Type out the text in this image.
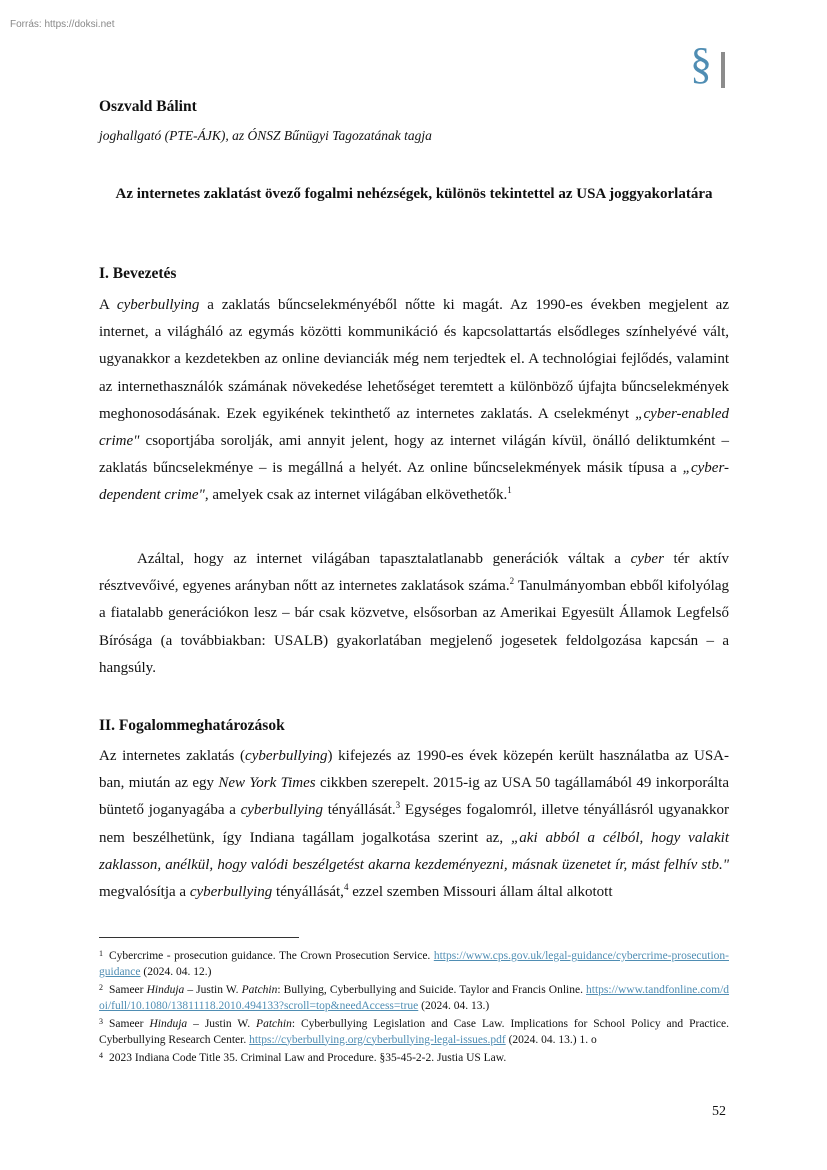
Forrás: https://doksi.net
§
Oszvald Bálint
joghallgató (PTE-ÁJK), az ÓNSZ Bűnügyi Tagozatának tagja
Az internetes zaklatást övező fogalmi nehézségek, különös tekintettel az USA joggyakorlatára
I. Bevezetés

A cyberbullying a zaklatás bűncselekményéből nőtte ki magát. Az 1990-es években megjelent az internet, a világháló az egymás közötti kommunikáció és kapcsolattartás elsődleges színhelyévé vált, ugyanakkor a kezdetekben az online devianciák még nem terjedtek el. A technológiai fejlődés, valamint az internethasználók számának növekedése lehetőséget teremtett a különböző újfajta bűncselekmények meghonosodásának. Ezek egyikének tekinthető az internetes zaklatás. A cselekményt „cyber-enabled crime" csoportjába sorolják, ami annyit jelent, hogy az internet világán kívül, önálló deliktumként – zaklatás bűncselekménye – is megállná a helyét. Az online bűncselekmények másik típusa a „cyber-dependent crime", amelyek csak az internet világában elkövethetők.$^1$

Azáltal, hogy az internet világában tapasztalatlanabb generációk váltak a cyber tér aktív résztvevőivé, egyenes arányban nőtt az internetes zaklatások száma.$^2$ Tanulmányomban ebből kifolyólag a fiatalabb generációkon lesz – bár csak közvetve, elsősorban az Amerikai Egyesült Államok Legfelső Bírósága (a továbbiakban: USALB) gyakorlatában megjelenő jogesetek feldolgozása kapcsán – a hangsúly.

II. Fogalommeghatározások

Az internetes zaklatás (cyberbullying) kifejezés az 1990-es évek közepén került használatba az USA-ban, miután az egy New York Times cikkben szerepelt. 2015-ig az USA 50 tagállamából 49 inkorporálta büntető joganyagába a cyberbullying tényállását.$^3$ Egységes fogalomról, illetve tényállásról ugyanakkor nem beszélhetünk, így Indiana tagállam jogalkotása szerint az, „aki abból a célból, hogy valakit zaklasson, anélkül, hogy valódi beszélgetést akarna kezdeményezni, másnak üzenetet ír, mást felhív stb." megvalósítja a cyberbullying tényállását,$^4$ ezzel szemben Missouri állam által alkotott

$^1$ Cybercrime - prosecution guidance. The Crown Prosecution Service. https://www.cps.gov.uk/legal-guidance/cybercrime-prosecution-guidance (2024. 04. 12.)

$^2$ Sameer Hinduja – Justin W. Patchin: Bullying, Cyberbullying and Suicide. Taylor and Francis Online. https://www.tandfonline.com/doi/full/10.1080/13811118.2010.494133?scroll=top&needAccess=true (2024. 04. 13.)

$^3$ Sameer Hinduja – Justin W. Patchin: Cyberbullying Legislation and Case Law. Implications for School Policy and Practice. Cyberbullying Research Center. https://cyberbullying.org/cyberbullying-legal-issues.pdf (2024. 04. 13.) 1. o

$^4$ 2023 Indiana Code Title 35. Criminal Law and Procedure. §35-45-2-2. Justia US Law.

52
